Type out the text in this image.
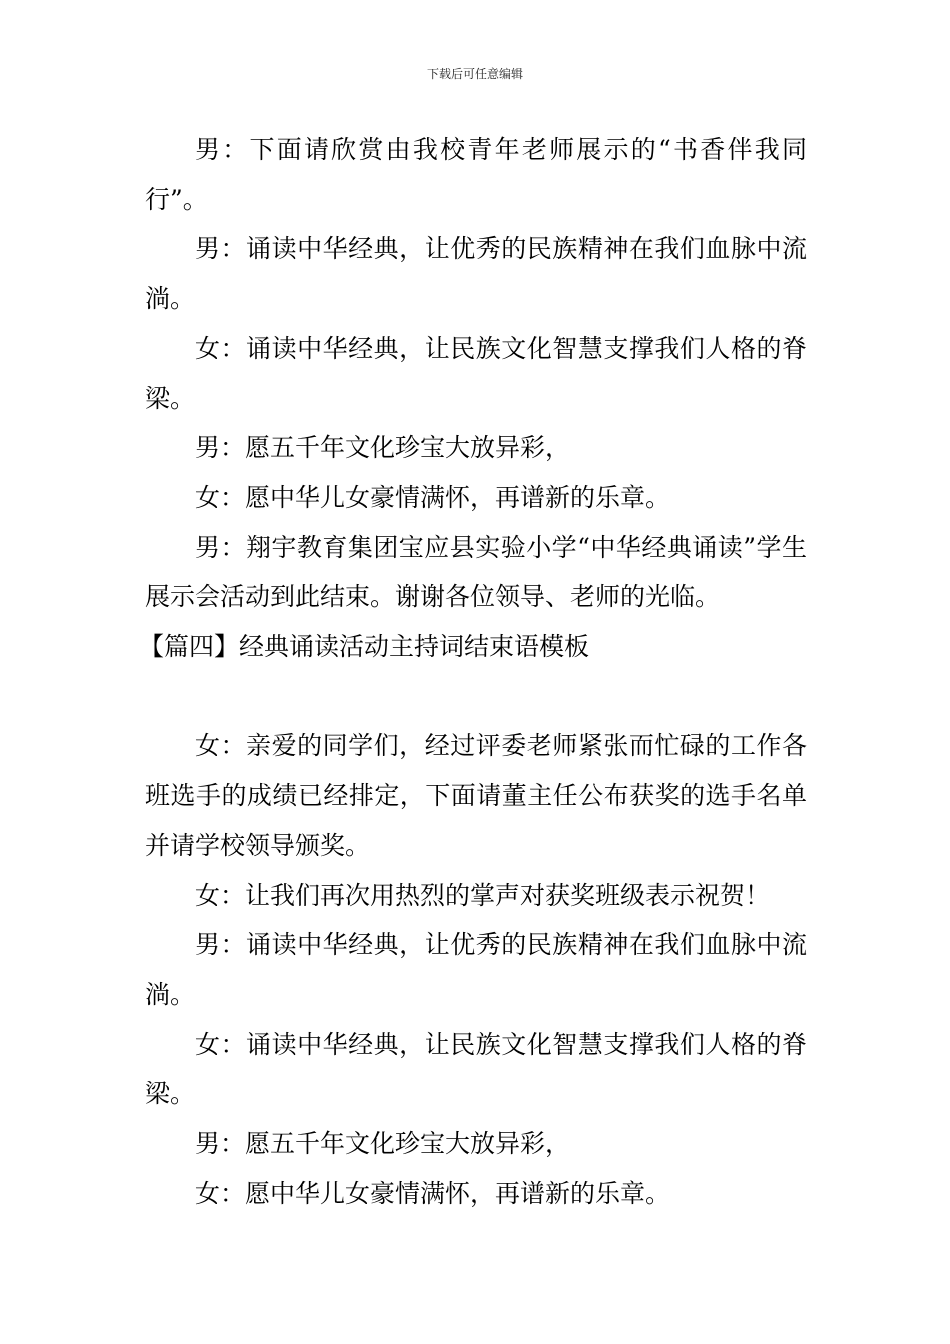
下载后可任意编辑

男：下面请欣赏由我校青年老师展示的“书香伴我同行”。

男：诵读中华经典，让优秀的民族精神在我们血脉中流淌。

女：诵读中华经典，让民族文化智慧支撑我们人格的脊梁。

男：愿五千年文化珍宝大放异彩，

女：愿中华儿女豪情满怀，再谱新的乐章。

男：翔宇教育集团宝应县实验小学“中华经典诵读”学生展示会活动到此结束。谢谢各位领导、老师的光临。

【篇四】经典诵读活动主持词结束语模板

女：亲爱的同学们，经过评委老师紧张而忙碌的工作各班选手的成绩已经排定，下面请董主任公布获奖的选手名单并请学校领导颁奖。

女：让我们再次用热烈的掌声对获奖班级表示祝贺！

男：诵读中华经典，让优秀的民族精神在我们血脉中流淌。

女：诵读中华经典，让民族文化智慧支撑我们人格的脊梁。

男：愿五千年文化珍宝大放异彩，

女：愿中华儿女豪情满怀，再谱新的乐章。
